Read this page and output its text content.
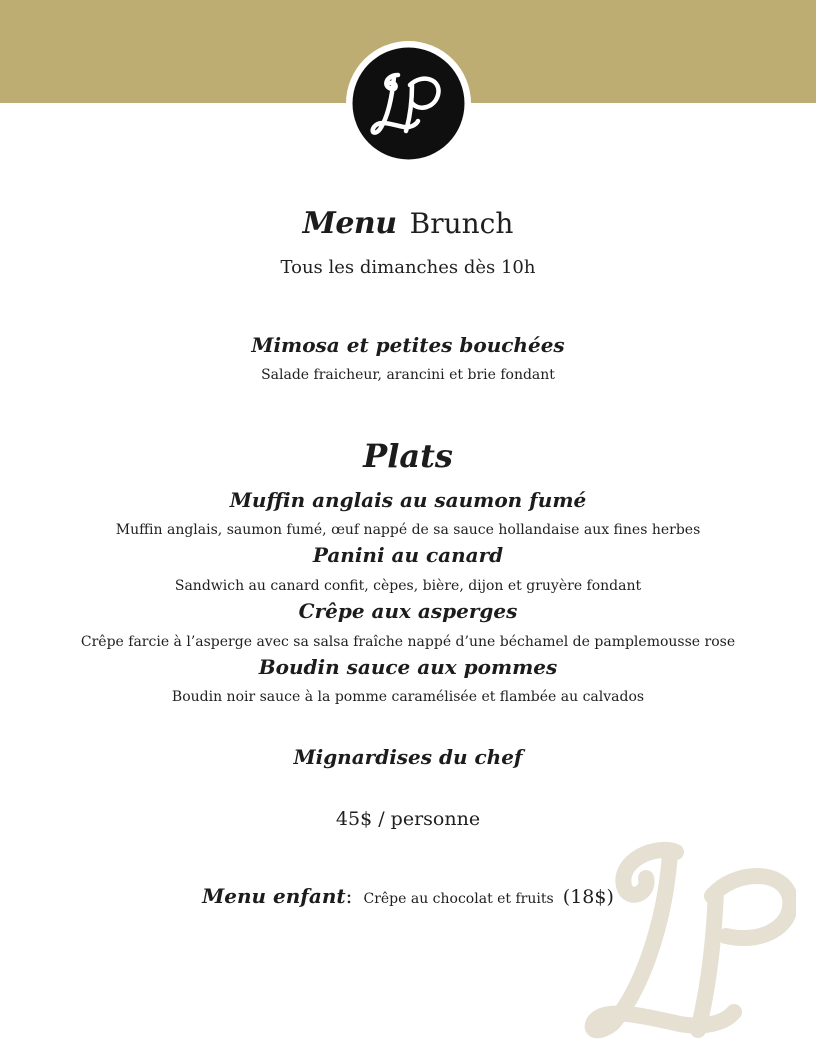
Menu Brunch
Tous les dimanches dès 10h
Mimosa et petites bouchées
Salade fraicheur, arancini et brie fondant
Plats
Muffin anglais au saumon fumé
Muffin anglais, saumon fumé, œuf nappé de sa sauce hollandaise aux fines herbes
Panini au canard
Sandwich au canard confit, cèpes, bière, dijon et gruyère fondant
Crêpe aux asperges
Crêpe farcie à l’asperge avec sa salsa fraîche nappé d’une béchamel de pamplemousse rose
Boudin sauce aux pommes
Boudin noir sauce à la pomme caramélisée et flambée au calvados
Mignardises du chef
45$ / personne
Menu enfant: Crêpe au chocolat et fruits (18$)
